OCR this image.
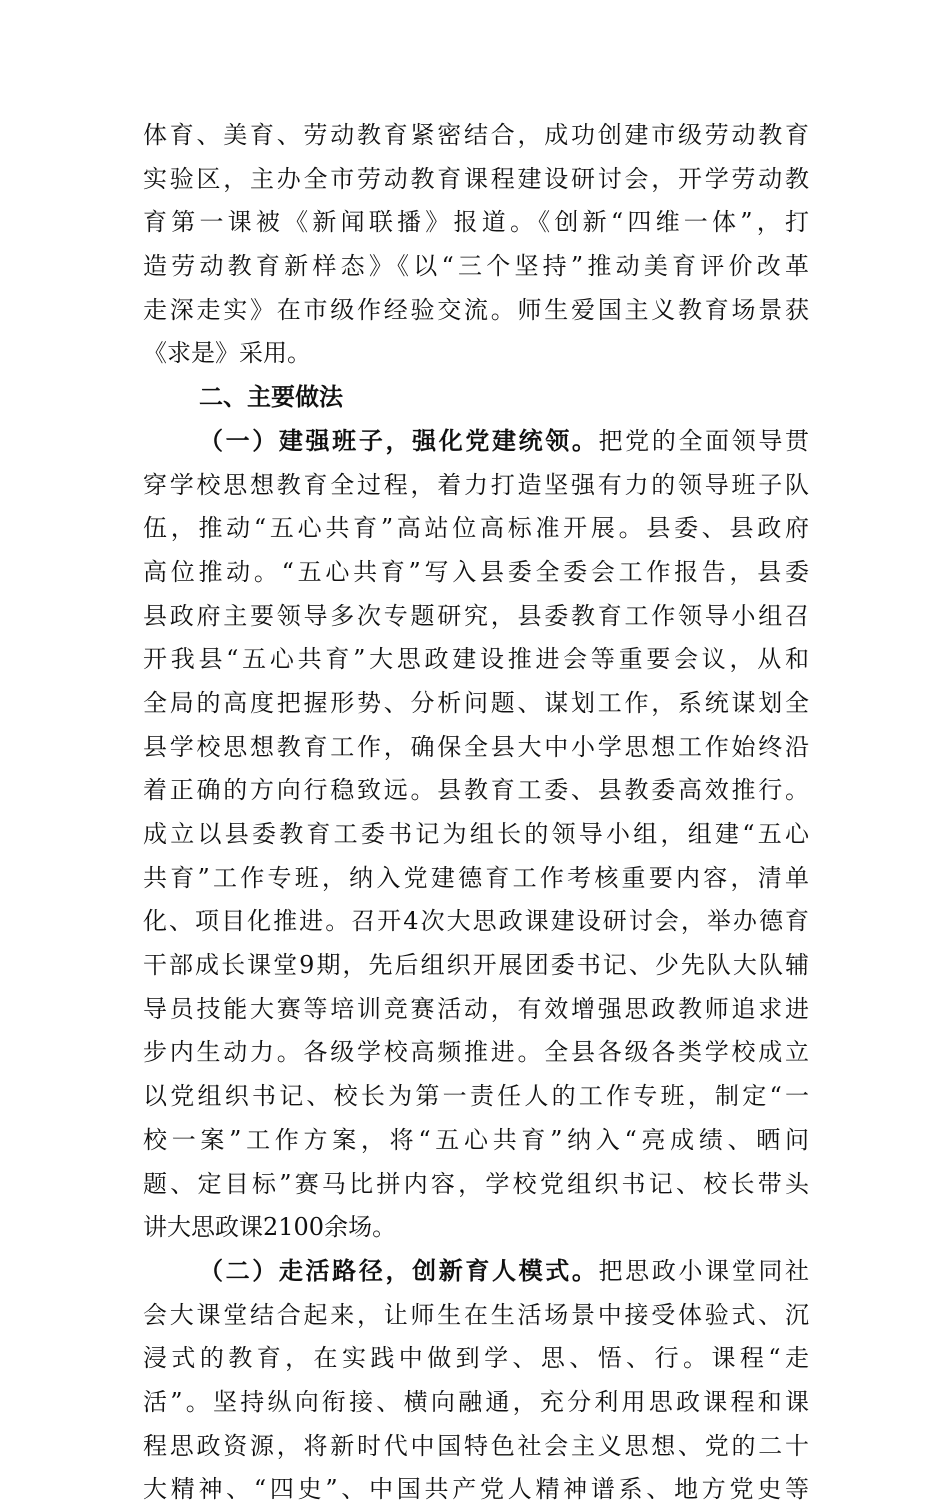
体育、美育、劳动教育紧密结合，成功创建市级劳动教育
实验区，主办全市劳动教育课程建设研讨会，开学劳动教
育第一课被《新闻联播》报道。《创新“四维一体”，打
造劳动教育新样态》《以“三个坚持”推动美育评价改革
走深走实》在市级作经验交流。师生爱国主义教育场景获
《求是》采用。
二、主要做法
（一）建强班子，强化党建统领。把党的全面领导贯
穿学校思想教育全过程，着力打造坚强有力的领导班子队
伍，推动“五心共育”高站位高标准开展。县委、县政府
高位推动。“五心共育”写入县委全委会工作报告，县委
县政府主要领导多次专题研究，县委教育工作领导小组召
开我县“五心共育”大思政建设推进会等重要会议，从和
全局的高度把握形势、分析问题、谋划工作，系统谋划全
县学校思想教育工作，确保全县大中小学思想工作始终沿
着正确的方向行稳致远。县教育工委、县教委高效推行。
成立以县委教育工委书记为组长的领导小组，组建“五心
共育”工作专班，纳入党建德育工作考核重要内容，清单
化、项目化推进。召开4次大思政课建设研讨会，举办德育
干部成长课堂9期，先后组织开展团委书记、少先队大队辅
导员技能大赛等培训竞赛活动，有效增强思政教师追求进
步内生动力。各级学校高频推进。全县各级各类学校成立
以党组织书记、校长为第一责任人的工作专班，制定“一
校一案”工作方案，将“五心共育”纳入“亮成绩、晒问
题、定目标”赛马比拼内容，学校党组织书记、校长带头
讲大思政课2100余场。
（二）走活路径，创新育人模式。把思政小课堂同社
会大课堂结合起来，让师生在生活场景中接受体验式、沉
浸式的教育，在实践中做到学、思、悟、行。课程“走
活”。坚持纵向衔接、横向融通，充分利用思政课程和课
程思政资源，将新时代中国特色社会主义思想、党的二十
大精神、“四史”、中国共产党人精神谱系、地方党史等
